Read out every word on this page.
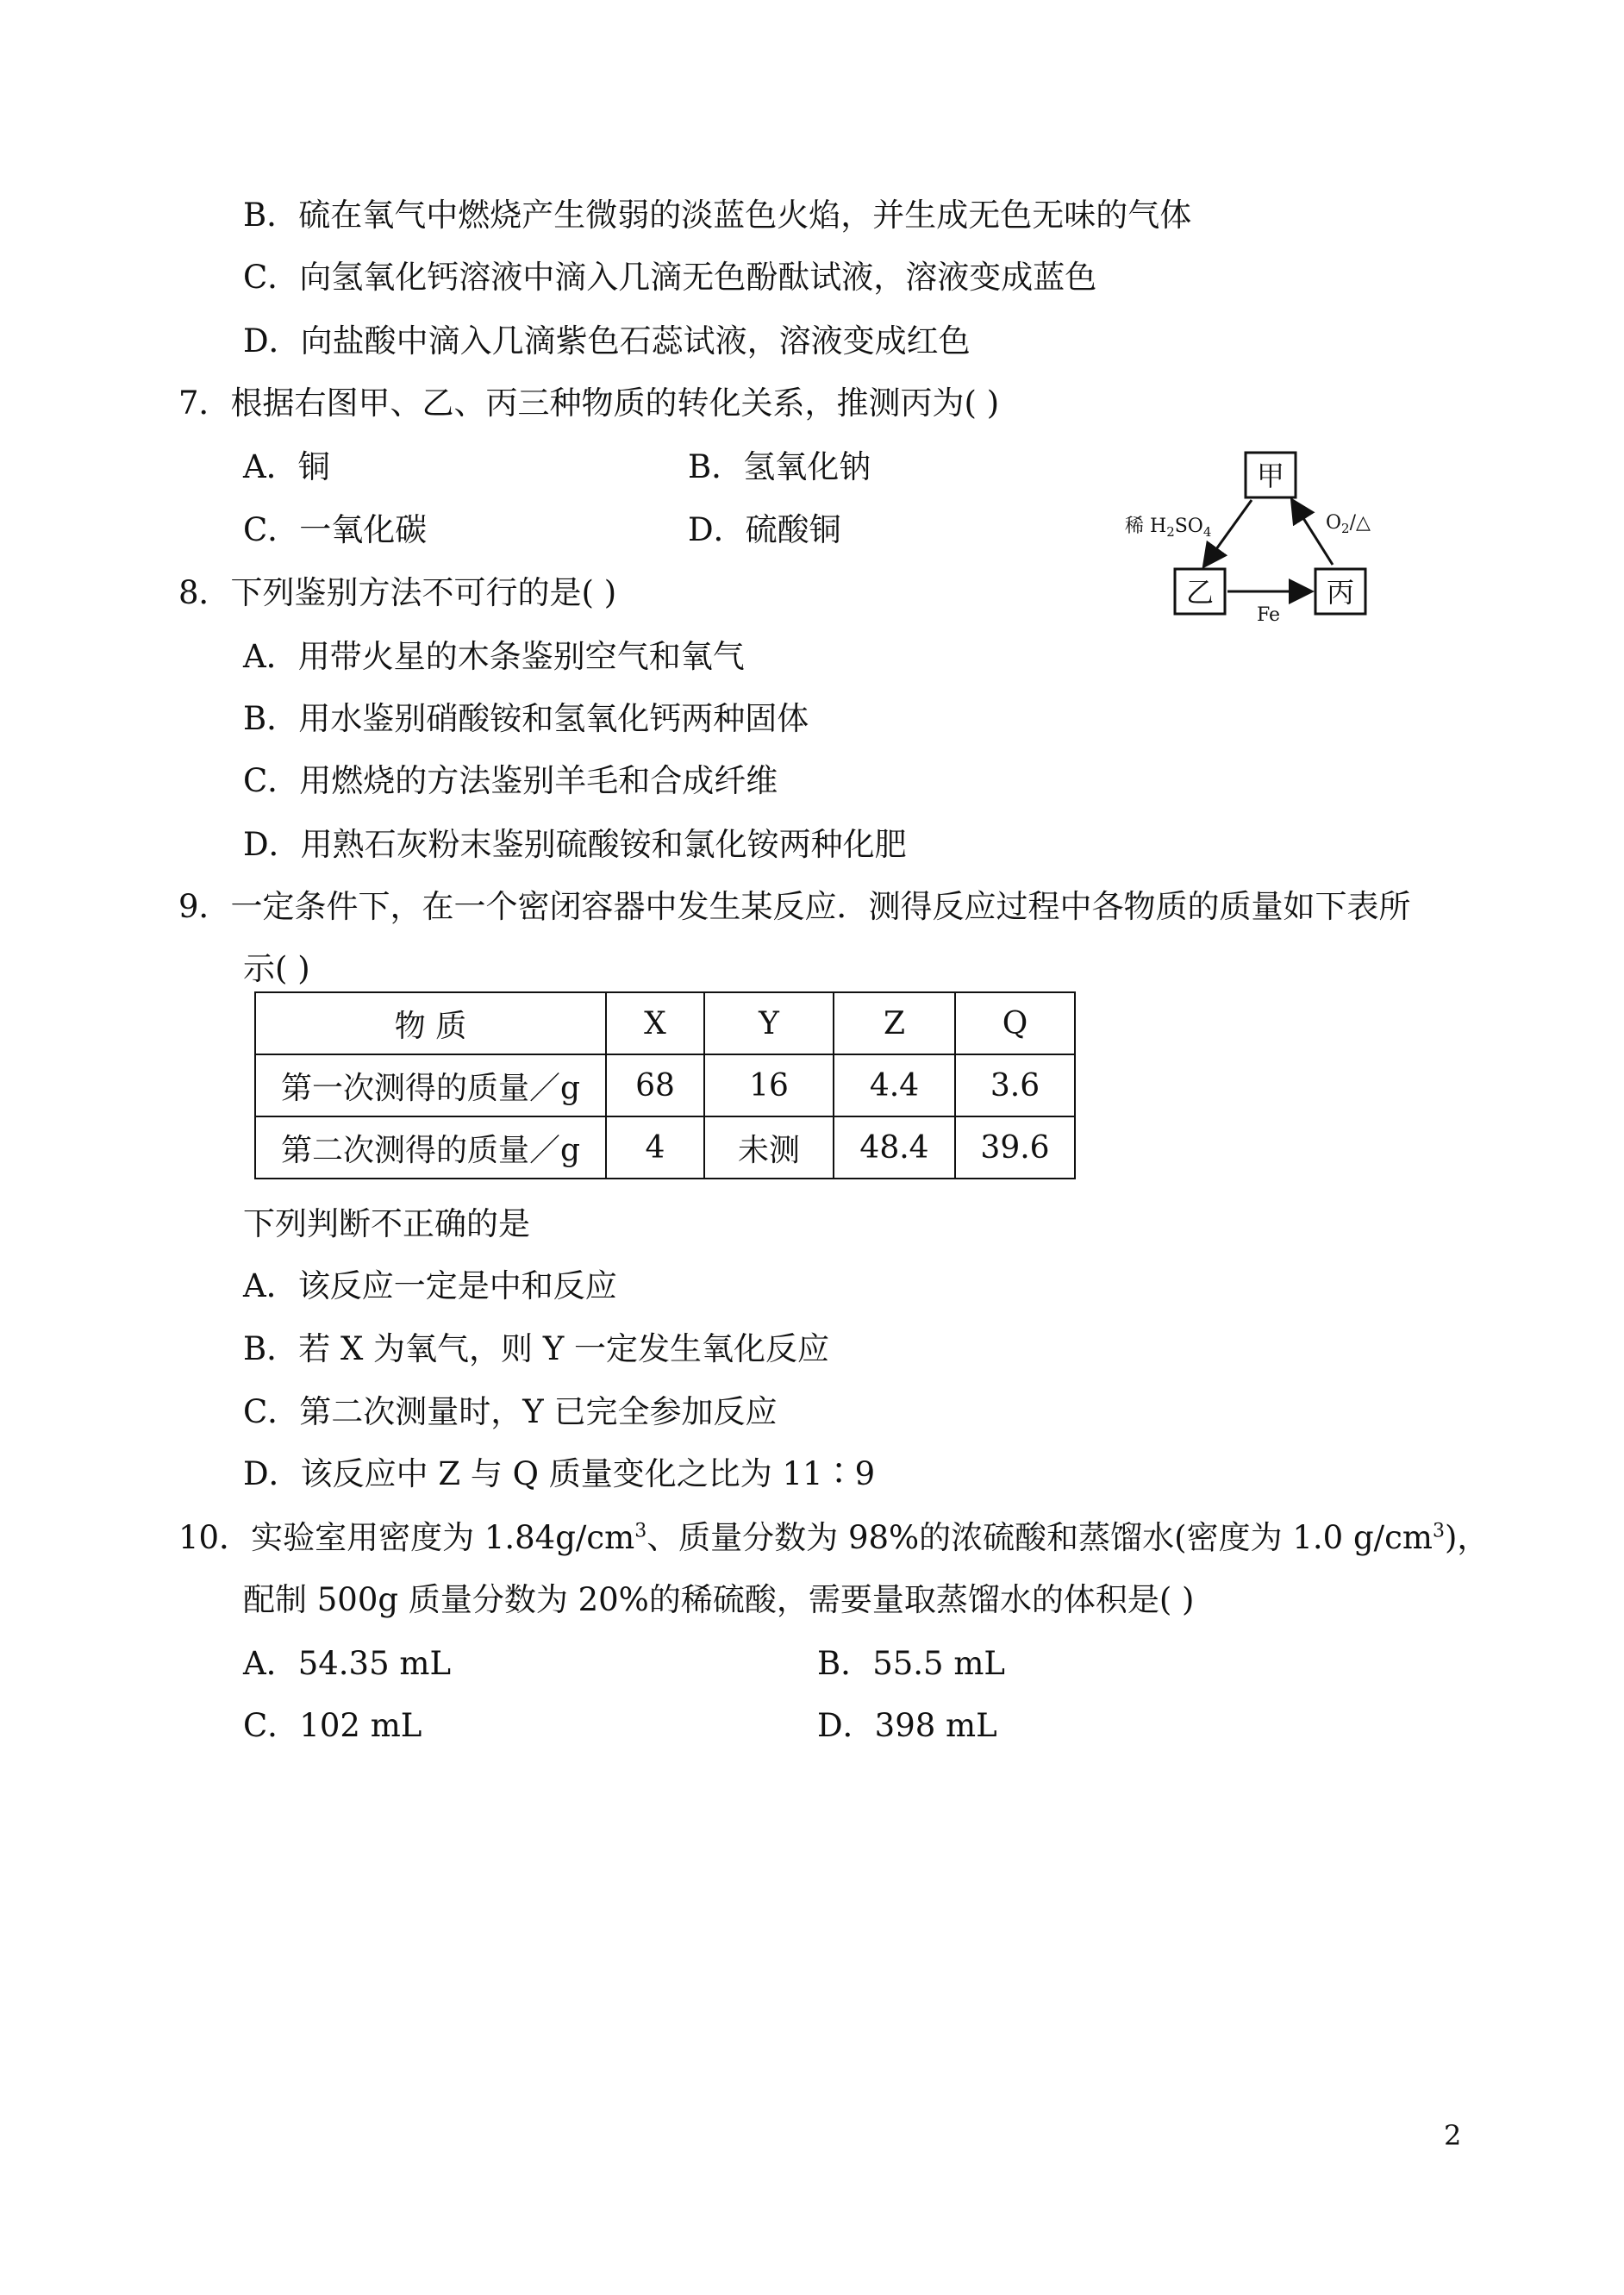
B．硫在氧气中燃烧产生微弱的淡蓝色火焰，并生成无色无味的气体
C．向氢氧化钙溶液中滴入几滴无色酚酞试液，溶液变成蓝色
D．向盐酸中滴入几滴紫色石蕊试液，溶液变成红色
7．根据右图甲、乙、丙三种物质的转化关系，推测丙为( )
A．铜	B．氢氧化钠
C．一氧化碳	D．硫酸铜
甲
乙	丙
稀 $H_2SO_4$	$O_2/\triangle$
Fe
8．下列鉴别方法不可行的是( )
A．用带火星的木条鉴别空气和氧气
B．用水鉴别硝酸铵和氢氧化钙两种固体
C．用燃烧的方法鉴别羊毛和合成纤维
D．用熟石灰粉末鉴别硫酸铵和氯化铵两种化肥
9．一定条件下，在一个密闭容器中发生某反应．测得反应过程中各物质的质量如下表所
示( )
物 质	X	Y	Z	Q
第一次测得的质量／g	68	16	4.4	3.6
第二次测得的质量／g	4	未测	48.4	39.6
下列判断不正确的是
A．该反应一定是中和反应
B．若 X 为氧气，则 Y 一定发生氧化反应
C．第二次测量时，Y 已完全参加反应
D．该反应中 Z 与 Q 质量变化之比为 11∶9
10．实验室用密度为 $1.84g/cm^3$、质量分数为 98%的浓硫酸和蒸馏水(密度为 1.0 $g/cm^3$)，
配制 500g 质量分数为 20%的稀硫酸，需要量取蒸馏水的体积是( )
A．54.35 mL	B．55.5 mL
C．102 mL	D．398 mL
2
